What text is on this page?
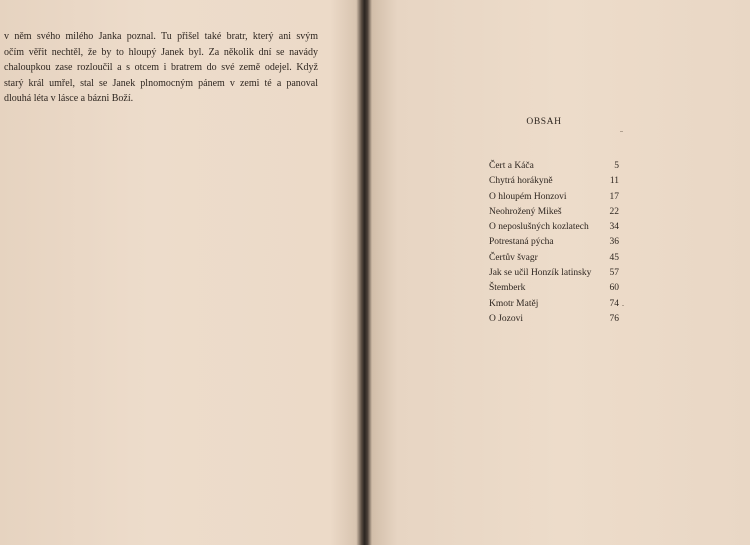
v něm svého milého Janka poznal. Tu přišel také bratr, který ani svým
očím věřit nechtěl, že by to hloupý Janek byl. Za několik dní se navády
chaloupkou zase rozloučil a s otcem i bratrem do své země odejel. Když
starý král umřel, stal se Janek plnomocným pánem v zemi té a panoval
dlouhá léta v lásce a bázni Boží.

OBSAH
Čert a Káča	5
Chytrá horákyně	11
O hloupém Honzovi	17
Neohrožený Mikeš	22
O neposlušných kozlatech	34
Potrestaná pýcha	36
Čertův švagr	45
Jak se učil Honzík latinsky	57
Štemberk	60
Kmotr Matěj	74
O Jozovi	76
